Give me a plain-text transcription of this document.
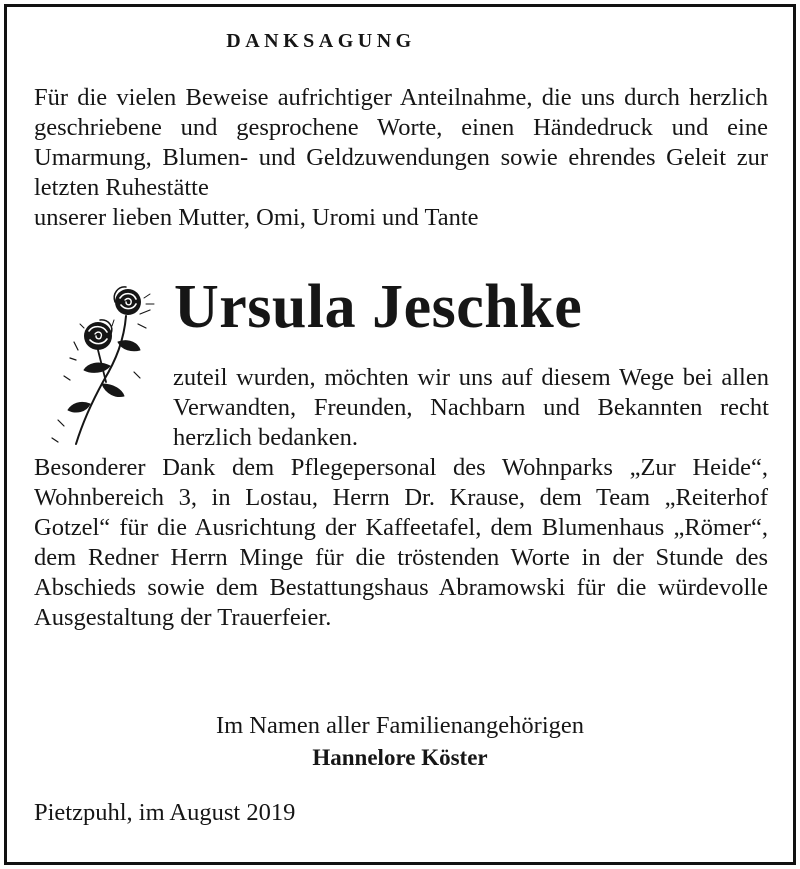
DANKSAGUNG
Für die vielen Beweise aufrichtiger Anteilnahme, die uns durch herzlich geschriebene und gesprochene Worte, einen Händedruck und eine Umarmung, Blumen- und Geldzuwendungen sowie ehrendes Geleit zur letzten Ruhestätte
unserer lieben Mutter, Omi, Uromi und Tante
Ursula Jeschke
zuteil wurden, möchten wir uns auf diesem Wege bei allen Verwandten, Freunden, Nachbarn und Bekannten recht herzlich bedanken.
Besonderer Dank dem Pflegepersonal des Wohnparks „Zur Heide“, Wohnbereich 3, in Lostau, Herrn Dr. Krause, dem Team „Reiterhof Gotzel“ für die Ausrichtung der Kaffeetafel, dem Blumenhaus „Römer“, dem Redner Herrn Minge für die tröstenden Worte in der Stunde des Abschieds sowie dem Bestattungshaus Abramowski für die würdevolle Ausgestaltung der Trauerfeier.
Im Namen aller Familienangehörigen
Hannelore Köster
Pietzpuhl, im August 2019
